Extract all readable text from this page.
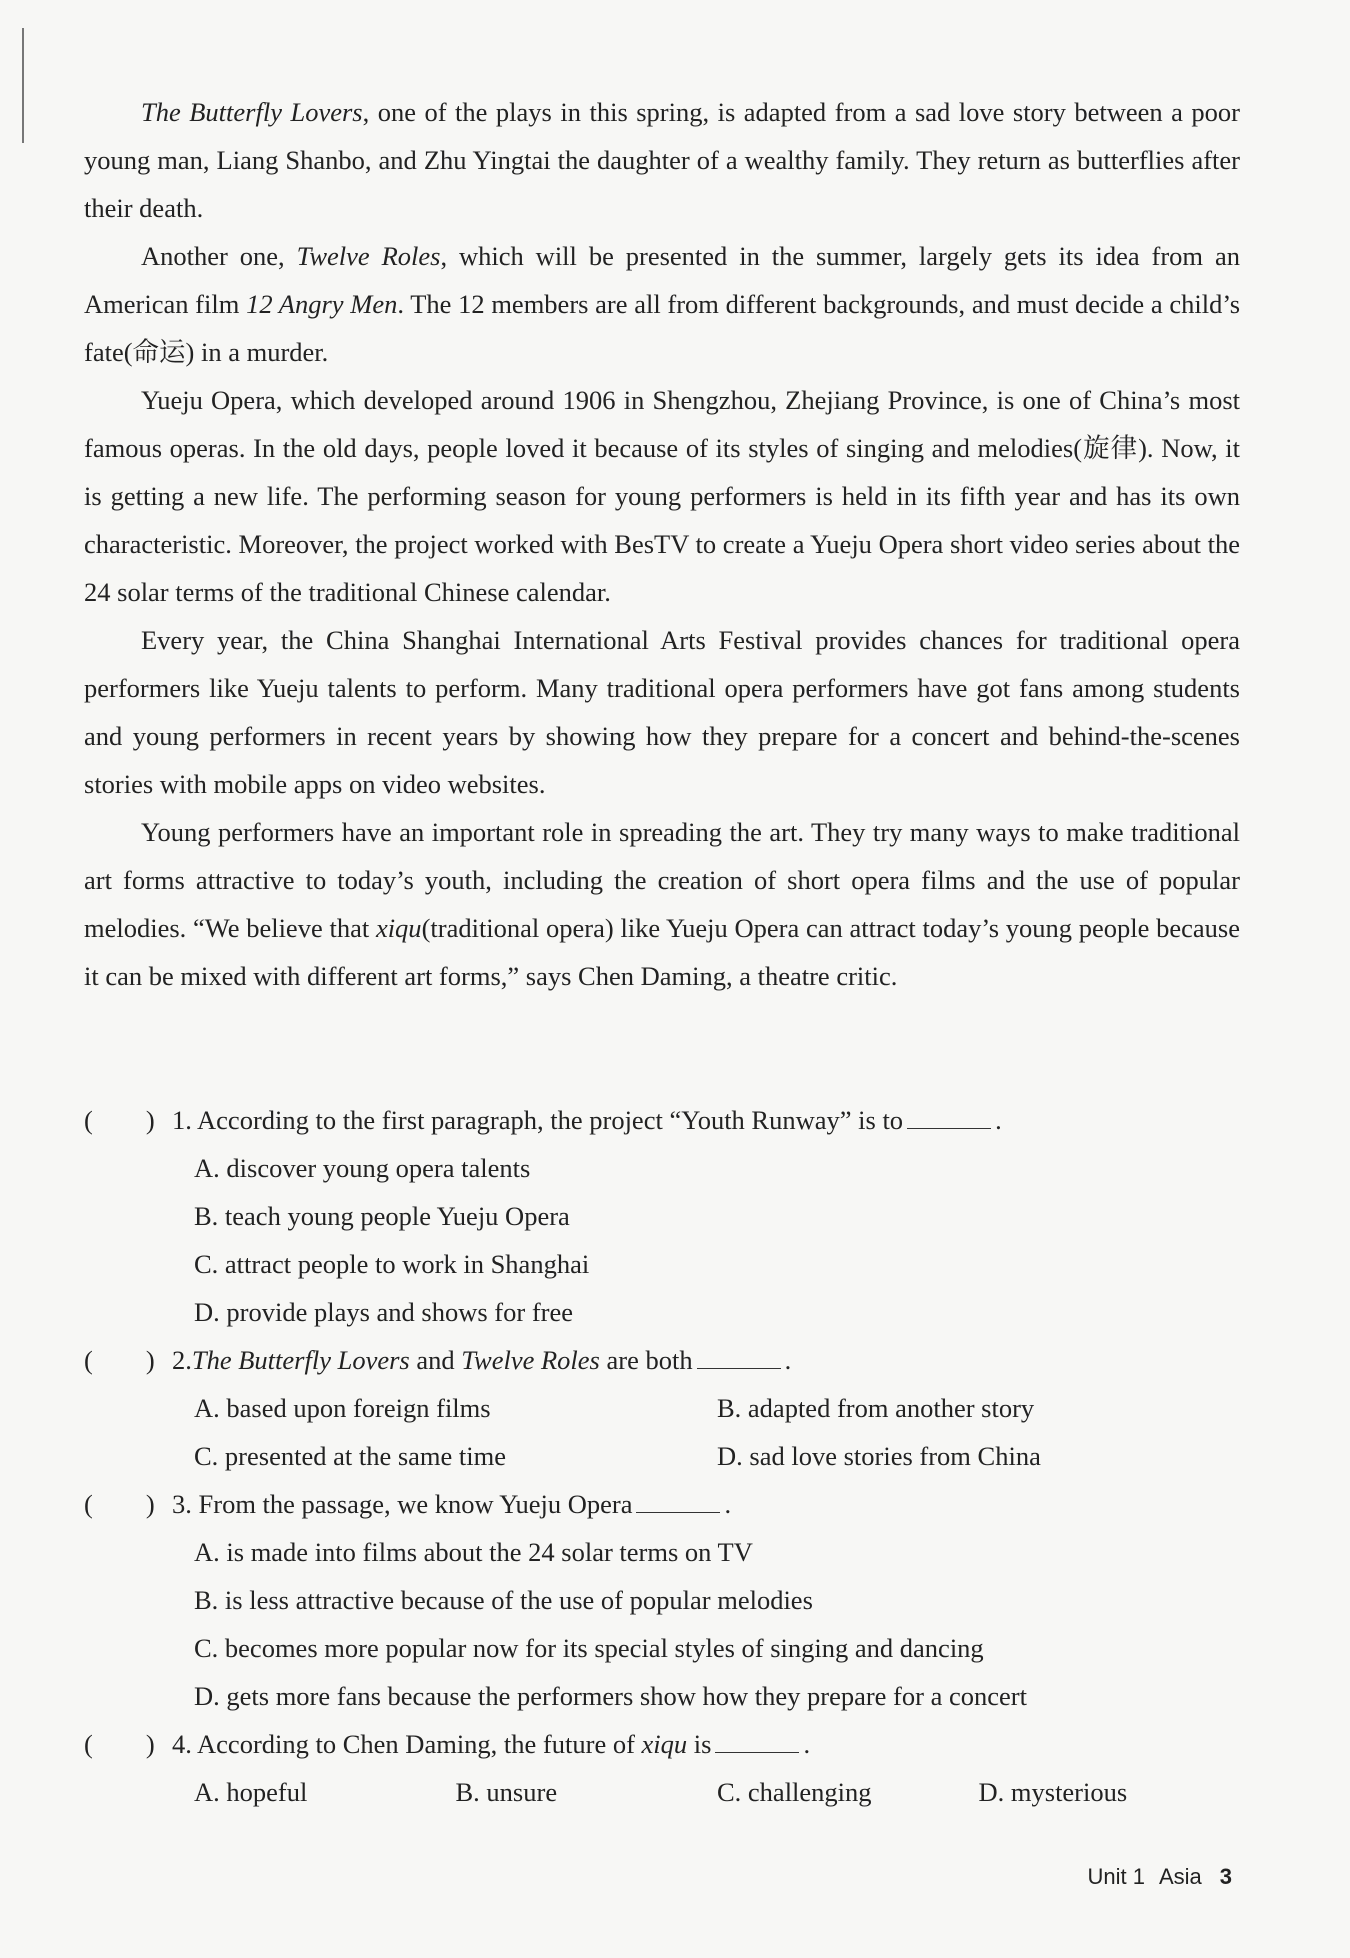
The Butterfly Lovers, one of the plays in this spring, is adapted from a sad love story between a poor young man, Liang Shanbo, and Zhu Yingtai the daughter of a wealthy family. They return as butterflies after their death.

Another one, Twelve Roles, which will be presented in the summer, largely gets its idea from an American film 12 Angry Men. The 12 members are all from different backgrounds, and must decide a child’s fate(命运) in a murder.

Yueju Opera, which developed around 1906 in Shengzhou, Zhejiang Province, is one of China’s most famous operas. In the old days, people loved it because of its styles of singing and melodies(旋律). Now, it is getting a new life. The performing season for young performers is held in its fifth year and has its own characteristic. Moreover, the project worked with BesTV to create a Yueju Opera short video series about the 24 solar terms of the traditional Chinese calendar.

Every year, the China Shanghai International Arts Festival provides chances for traditional opera performers like Yueju talents to perform. Many traditional opera performers have got fans among students and young performers in recent years by showing how they prepare for a concert and behind-the-scenes stories with mobile apps on video websites.

Young performers have an important role in spreading the art. They try many ways to make traditional art forms attractive to today’s youth, including the creation of short opera films and the use of popular melodies. “We believe that xiqu(traditional opera) like Yueju Opera can attract today’s young people because it can be mixed with different art forms,” says Chen Daming, a theatre critic.

(　　) 1. According to the first paragraph, the project “Youth Runway” is to	.
A. discover young opera talents
B. teach young people Yueju Opera
C. attract people to work in Shanghai
D. provide plays and shows for free
(　　) 2. The Butterfly Lovers and Twelve Roles are both	.
A. based upon foreign films	B. adapted from another story
C. presented at the same time	D. sad love stories from China
(　　) 3. From the passage, we know Yueju Opera	.
A. is made into films about the 24 solar terms on TV
B. is less attractive because of the use of popular melodies
C. becomes more popular now for its special styles of singing and dancing
D. gets more fans because the performers show how they prepare for a concert
(　　) 4. According to Chen Daming, the future of xiqu is	.
A. hopeful	B. unsure	C. challenging	D. mysterious
Unit 1 Asia 3
